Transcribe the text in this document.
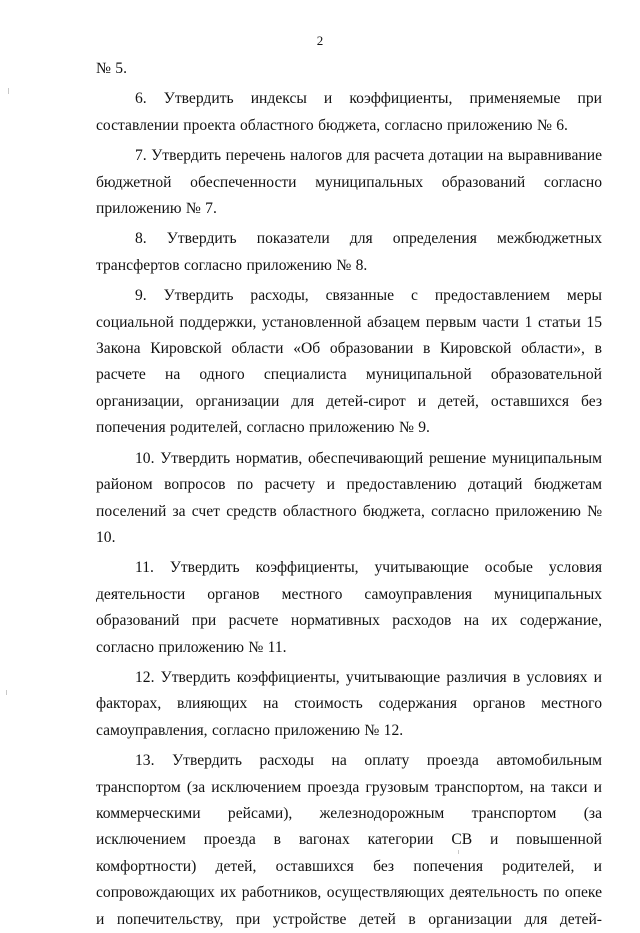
2

№ 5.

6. Утвердить индексы и коэффициенты, применяемые при составлении проекта областного бюджета, согласно приложению № 6.

7. Утвердить перечень налогов для расчета дотации на выравнивание бюджетной обеспеченности муниципальных образований согласно приложению № 7.

8. Утвердить показатели для определения межбюджетных трансфертов согласно приложению № 8.

9. Утвердить расходы, связанные с предоставлением меры социальной поддержки, установленной абзацем первым части 1 статьи 15 Закона Кировской области «Об образовании в Кировской области», в расчете на одного специалиста муниципальной образовательной организации, организации для детей-сирот и детей, оставшихся без попечения родителей, согласно приложению № 9.

10. Утвердить норматив, обеспечивающий решение муниципальным районом вопросов по расчету и предоставлению дотаций бюджетам поселений за счет средств областного бюджета, согласно приложению № 10.

11. Утвердить коэффициенты, учитывающие особые условия деятельности органов местного самоуправления муниципальных образований при расчете нормативных расходов на их содержание, согласно приложению № 11.

12. Утвердить коэффициенты, учитывающие различия в условиях и факторах, влияющих на стоимость содержания органов местного самоуправления, согласно приложению № 12.

13. Утвердить расходы на оплату проезда автомобильным транспортом (за исключением проезда грузовым транспортом, на такси и коммерческими рейсами), железнодорожным транспортом (за исключением проезда в вагонах категории СВ и повышенной комфортности) детей, оставшихся без попечения родителей, и сопровождающих их работников, осуществляющих деятельность по опеке и попечительству, при устройстве детей в организации для детей-
